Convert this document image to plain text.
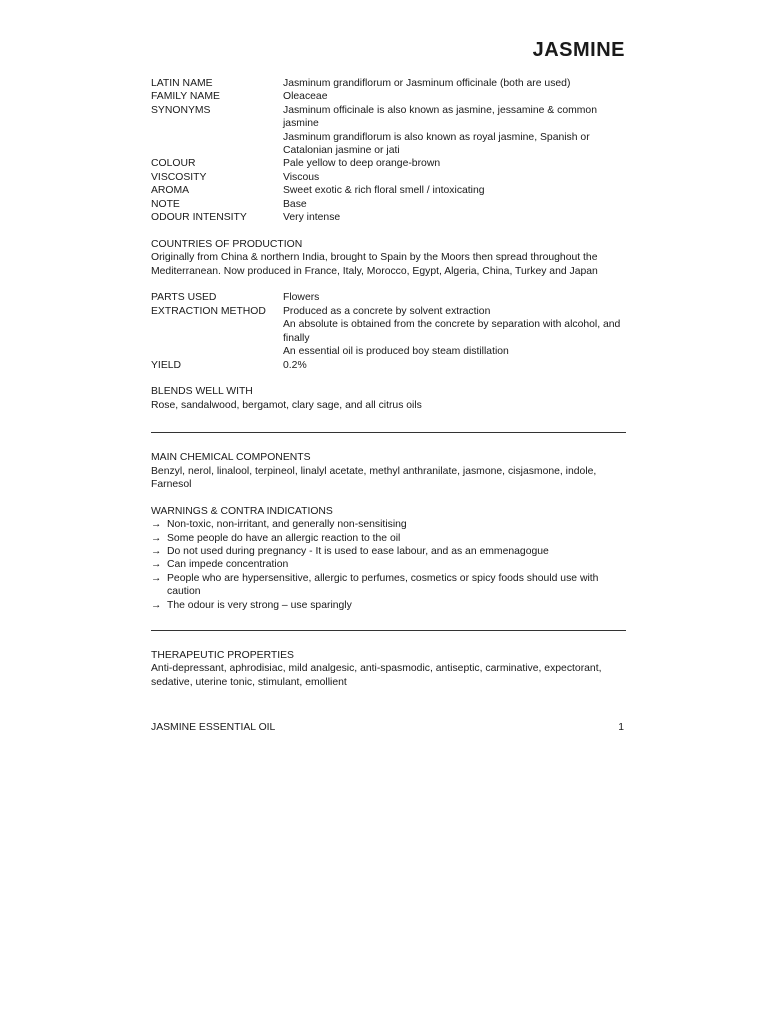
JASMINE
LATIN NAME	Jasminum grandiflorum or Jasminum officinale (both are used)
FAMILY NAME	Oleaceae
SYNONYMS	Jasminum officinale is also known as jasmine, jessamine & common jasmine
Jasminum grandiflorum is also known as royal jasmine, Spanish or Catalonian jasmine or jati
COLOUR	Pale yellow to deep orange-brown
VISCOSITY	Viscous
AROMA	Sweet exotic & rich floral smell / intoxicating
NOTE	Base
ODOUR INTENSITY	Very intense
COUNTRIES OF PRODUCTION
Originally from China & northern India, brought to Spain by the Moors then spread throughout the Mediterranean. Now produced in France, Italy, Morocco, Egypt, Algeria, China, Turkey and Japan
PARTS USED	Flowers
EXTRACTION METHOD	Produced as a concrete by solvent extraction
An absolute is obtained from the concrete by separation with alcohol, and finally
An essential oil is produced boy steam distillation
YIELD	0.2%
BLENDS WELL WITH
Rose, sandalwood, bergamot, clary sage, and all citrus oils
MAIN CHEMICAL COMPONENTS
Benzyl, nerol, linalool, terpineol, linalyl acetate, methyl anthranilate, jasmone, cisjasmone, indole, Farnesol
WARNINGS & CONTRA INDICATIONS
→ Non-toxic, non-irritant, and generally non-sensitising
→ Some people do have an allergic reaction to the oil
→ Do not used during pregnancy - It is used to ease labour, and as an emmenagogue
→ Can impede concentration
→ People who are hypersensitive, allergic to perfumes, cosmetics or spicy foods should use with caution
→ The odour is very strong – use sparingly
THERAPEUTIC PROPERTIES
Anti-depressant, aphrodisiac, mild analgesic, anti-spasmodic, antiseptic, carminative, expectorant, sedative, uterine tonic, stimulant, emollient
JASMINE ESSENTIAL OIL	1
